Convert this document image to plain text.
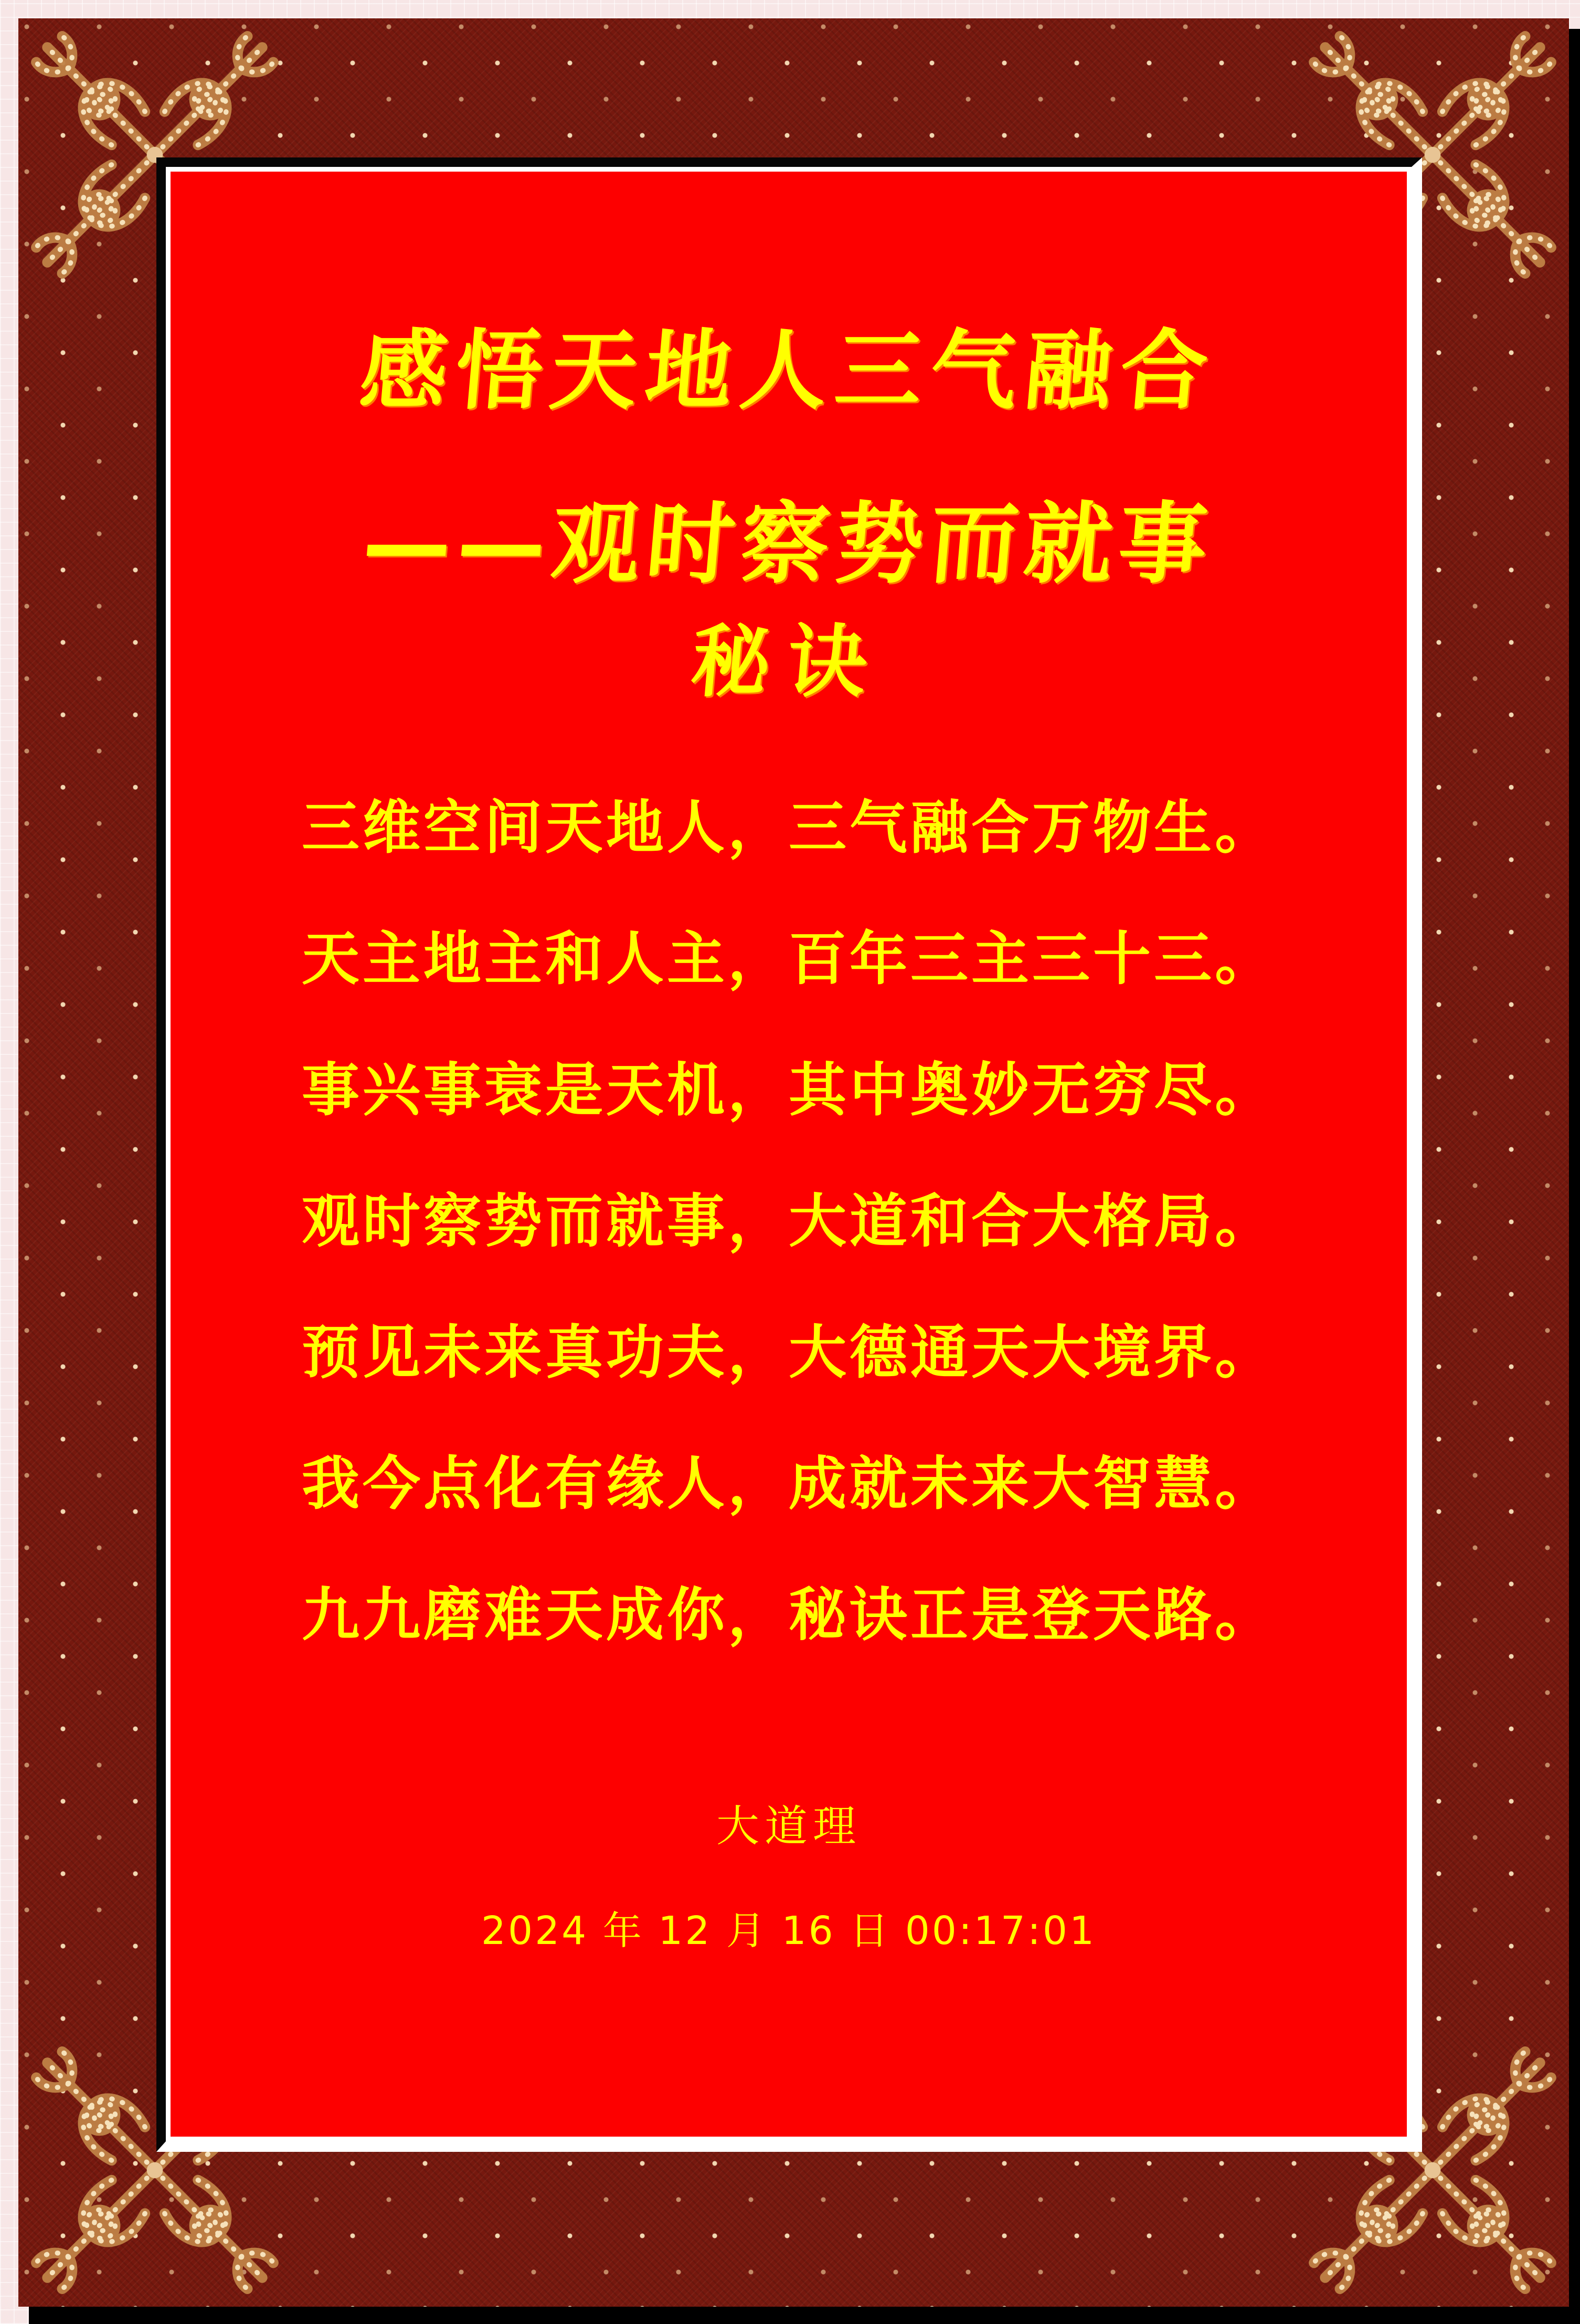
感悟天地人三气融合
——观时察势而就事
秘诀
三维空间天地人，三气融合万物生。
天主地主和人主，百年三主三十三。
事兴事衰是天机，其中奥妙无穷尽。
观时察势而就事，大道和合大格局。
预见未来真功夫，大德通天大境界。
我今点化有缘人，成就未来大智慧。
九九磨难天成你，秘诀正是登天路。
大道理
2024 年 12 月 16 日 00:17:01
